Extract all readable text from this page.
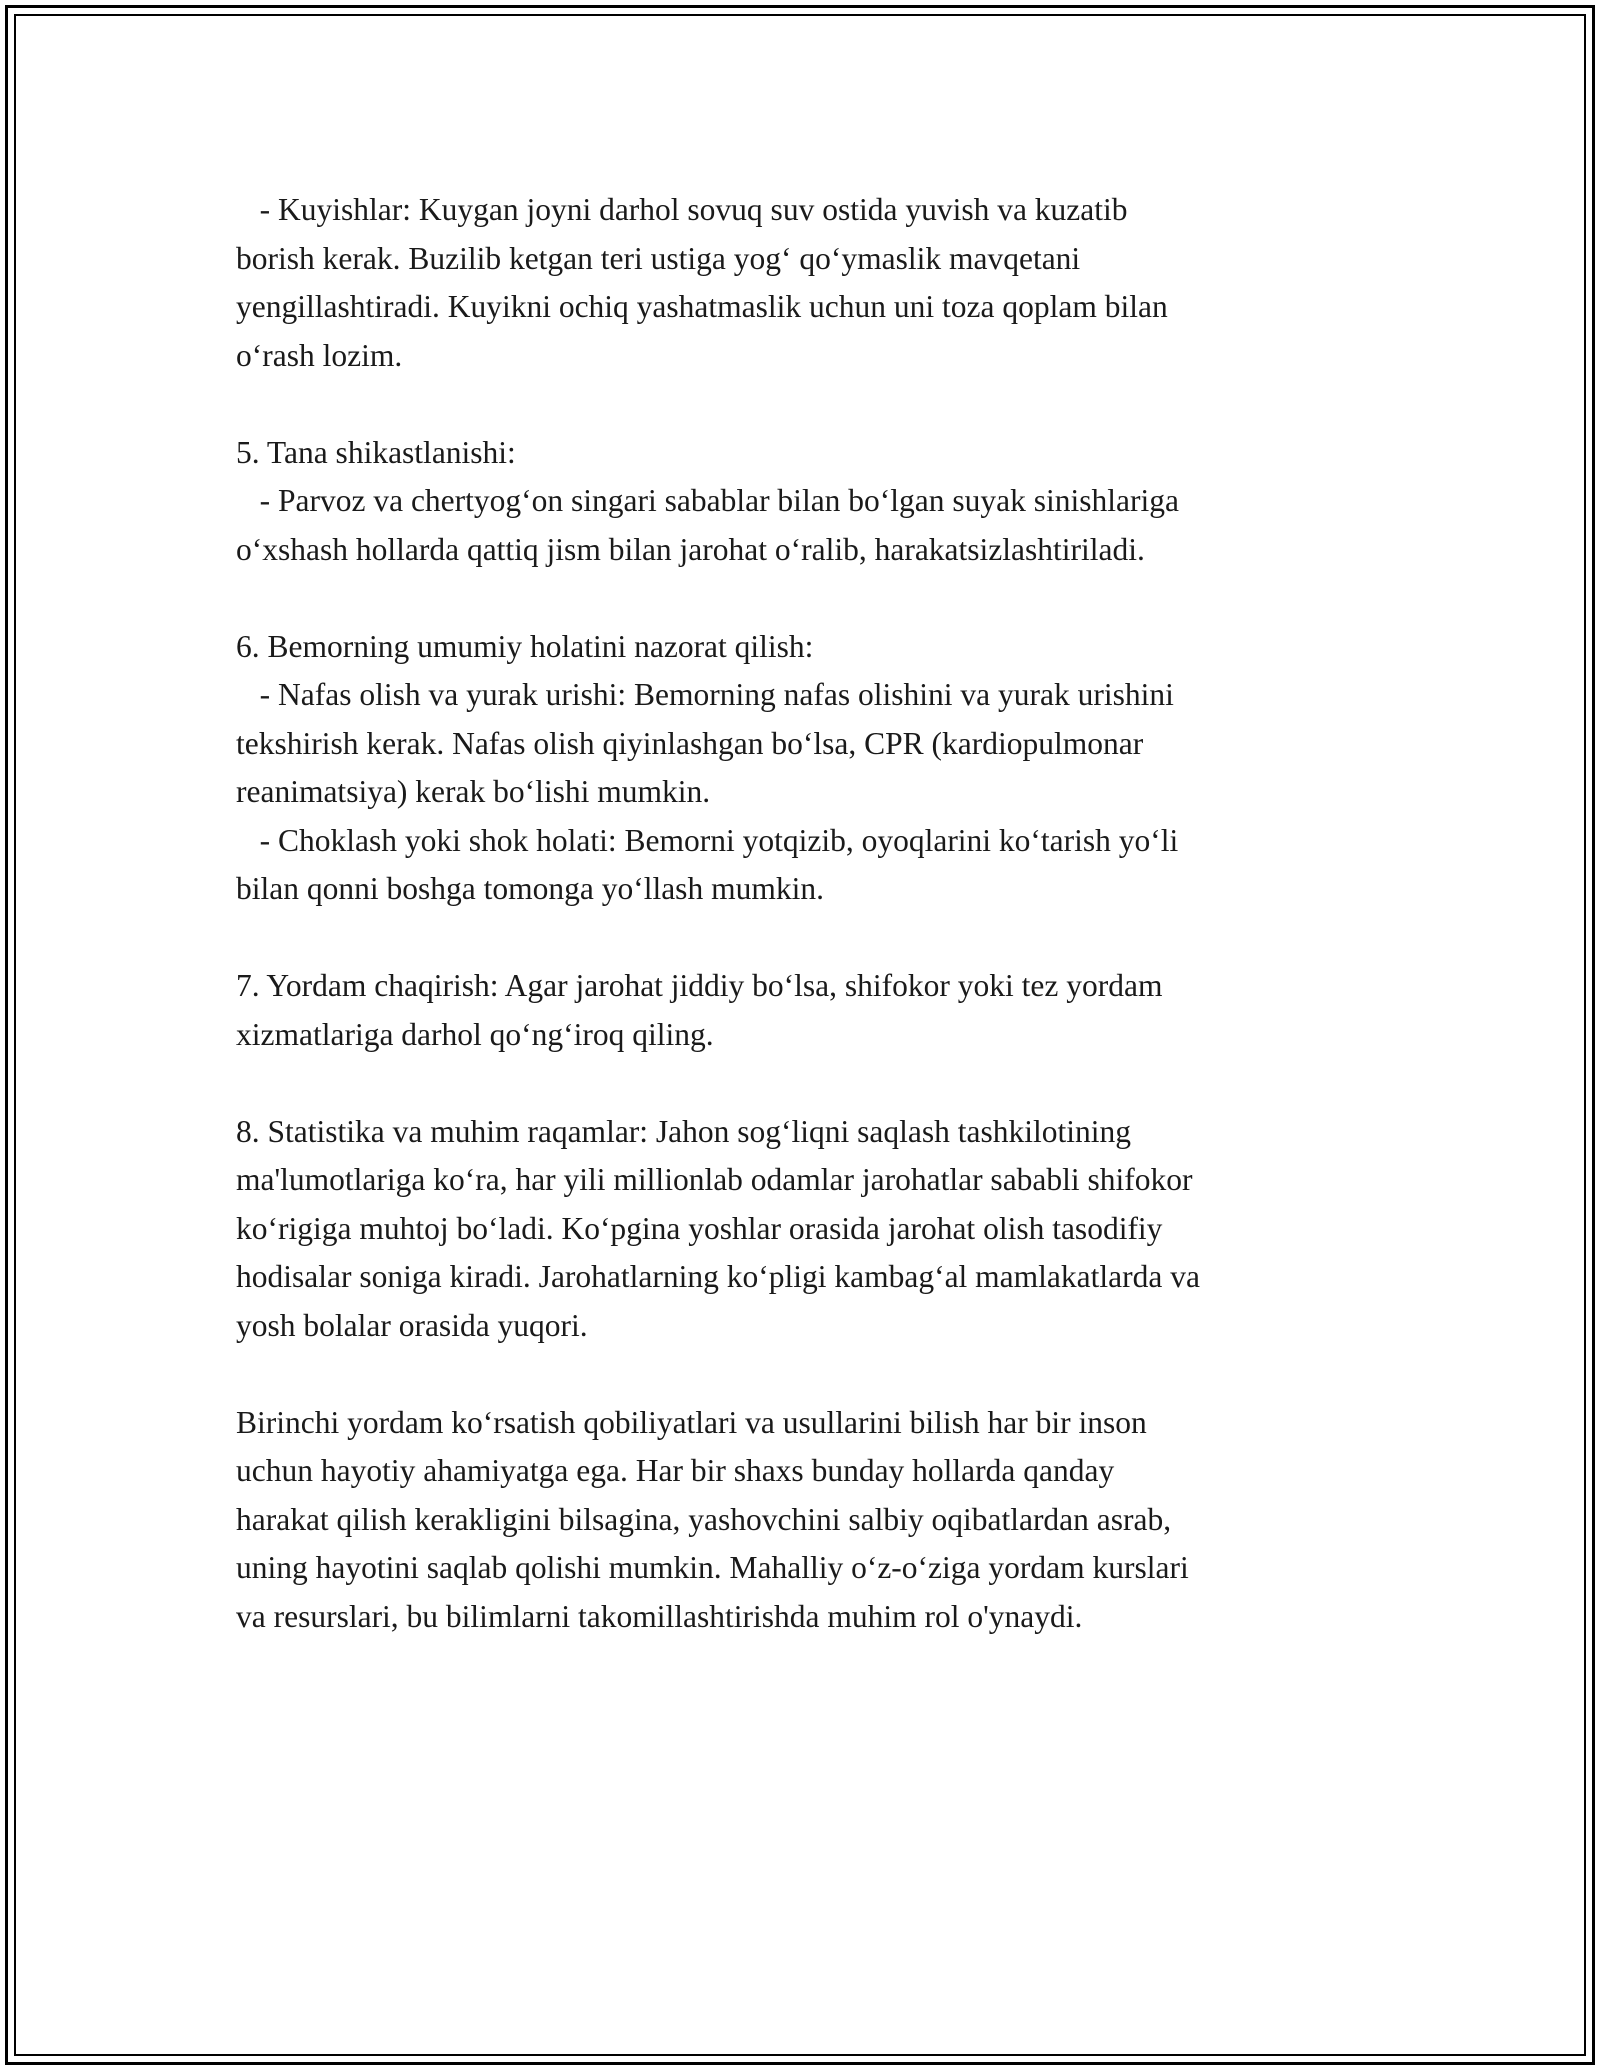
- Kuyishlar: Kuygan joyni darhol sovuq suv ostida yuvish va kuzatib
borish kerak. Buzilib ketgan teri ustiga yog‘ qo‘ymaslik mavqetani
yengillashtiradi. Kuyikni ochiq yashatmaslik uchun uni toza qoplam bilan
o‘rash lozim.
5. Tana shikastlanishi:
- Parvoz va chertyog‘on singari sabablar bilan bo‘lgan suyak sinishlariga
o‘xshash hollarda qattiq jism bilan jarohat o‘ralib, harakatsizlashtiriladi.
6. Bemorning umumiy holatini nazorat qilish:
- Nafas olish va yurak urishi: Bemorning nafas olishini va yurak urishini
tekshirish kerak. Nafas olish qiyinlashgan bo‘lsa, CPR (kardiopulmonar
reanimatsiya) kerak bo‘lishi mumkin.
- Choklash yoki shok holati: Bemorni yotqizib, oyoqlarini ko‘tarish yo‘li
bilan qonni boshga tomonga yo‘llash mumkin.
7. Yordam chaqirish: Agar jarohat jiddiy bo‘lsa, shifokor yoki tez yordam
xizmatlariga darhol qo‘ng‘iroq qiling.
8. Statistika va muhim raqamlar: Jahon sog‘liqni saqlash tashkilotining
ma'lumotlariga ko‘ra, har yili millionlab odamlar jarohatlar sababli shifokor
ko‘rigiga muhtoj bo‘ladi. Ko‘pgina yoshlar orasida jarohat olish tasodifiy
hodisalar soniga kiradi. Jarohatlarning ko‘pligi kambag‘al mamlakatlarda va
yosh bolalar orasida yuqori.
Birinchi yordam ko‘rsatish qobiliyatlari va usullarini bilish har bir inson
uchun hayotiy ahamiyatga ega. Har bir shaxs bunday hollarda qanday
harakat qilish kerakligini bilsagina, yashovchini salbiy oqibatlardan asrab,
uning hayotini saqlab qolishi mumkin. Mahalliy o‘z-o‘ziga yordam kurslari
va resurslari, bu bilimlarni takomillashtirishda muhim rol o'ynaydi.
